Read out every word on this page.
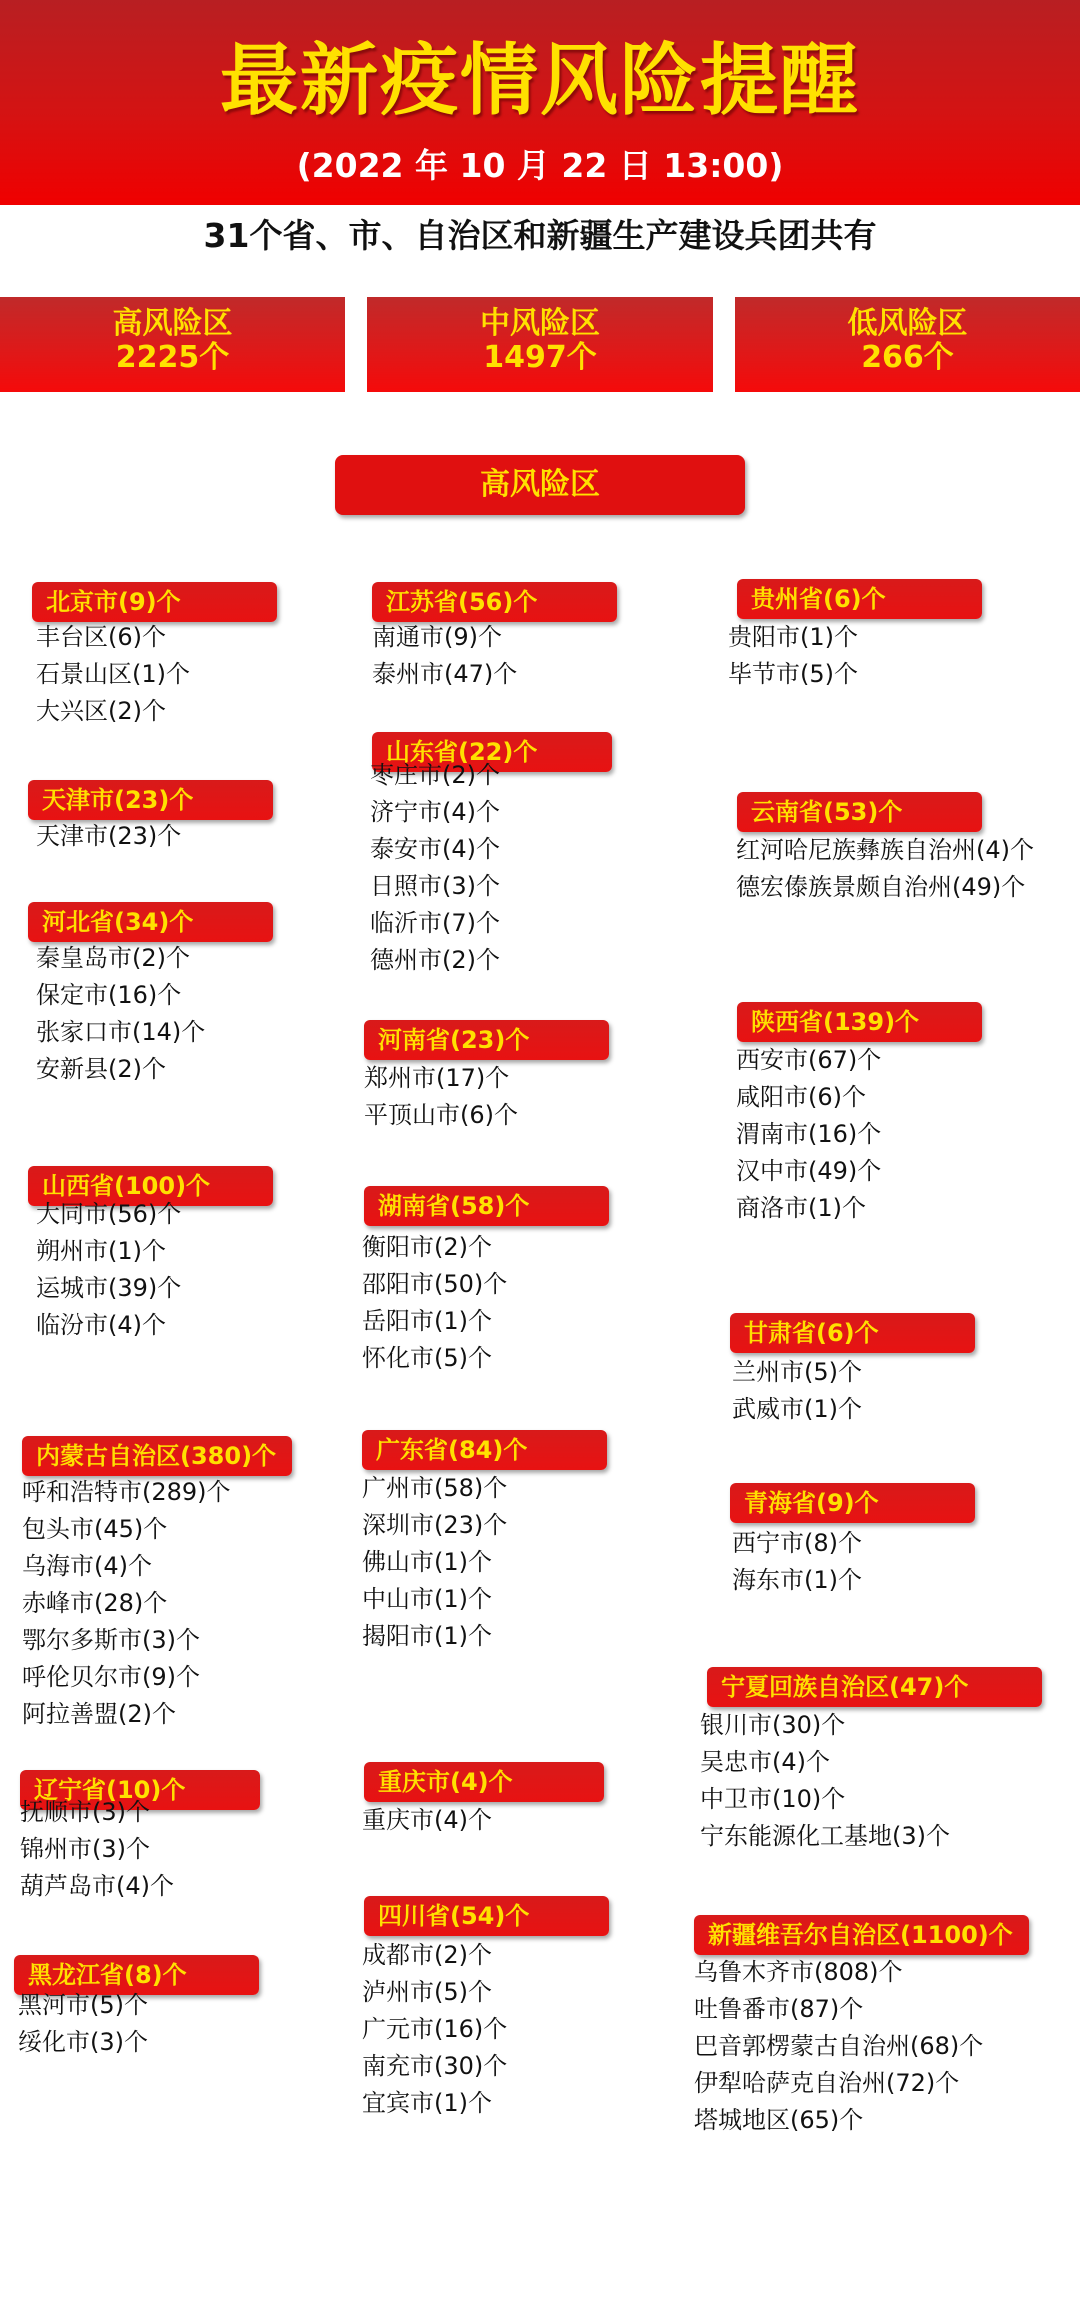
最新疫情风险提醒
(2022 年 10 月 22 日 13:00)
31个省、市、自治区和新疆生产建设兵团共有
高风险区
2225个
中风险区
1497个
低风险区
266个
高风险区
北京市(9)个
丰台区(6)个
石景山区(1)个
大兴区(2)个
天津市(23)个
天津市(23)个
河北省(34)个
秦皇岛市(2)个
保定市(16)个
张家口市(14)个
安新县(2)个
山西省(100)个
大同市(56)个
朔州市(1)个
运城市(39)个
临汾市(4)个
内蒙古自治区(380)个
呼和浩特市(289)个
包头市(45)个
乌海市(4)个
赤峰市(28)个
鄂尔多斯市(3)个
呼伦贝尔市(9)个
阿拉善盟(2)个
辽宁省(10)个
抚顺市(3)个
锦州市(3)个
葫芦岛市(4)个
黑龙江省(8)个
黑河市(5)个
绥化市(3)个
江苏省(56)个
南通市(9)个
泰州市(47)个
山东省(22)个
枣庄市(2)个
济宁市(4)个
泰安市(4)个
日照市(3)个
临沂市(7)个
德州市(2)个
河南省(23)个
郑州市(17)个
平顶山市(6)个
湖南省(58)个
衡阳市(2)个
邵阳市(50)个
岳阳市(1)个
怀化市(5)个
广东省(84)个
广州市(58)个
深圳市(23)个
佛山市(1)个
中山市(1)个
揭阳市(1)个
重庆市(4)个
重庆市(4)个
四川省(54)个
成都市(2)个
泸州市(5)个
广元市(16)个
南充市(30)个
宜宾市(1)个
贵州省(6)个
贵阳市(1)个
毕节市(5)个
云南省(53)个
红河哈尼族彝族自治州(4)个
德宏傣族景颇自治州(49)个
陕西省(139)个
西安市(67)个
咸阳市(6)个
渭南市(16)个
汉中市(49)个
商洛市(1)个
甘肃省(6)个
兰州市(5)个
武威市(1)个
青海省(9)个
西宁市(8)个
海东市(1)个
宁夏回族自治区(47)个
银川市(30)个
吴忠市(4)个
中卫市(10)个
宁东能源化工基地(3)个
新疆维吾尔自治区(1100)个
乌鲁木齐市(808)个
吐鲁番市(87)个
巴音郭楞蒙古自治州(68)个
伊犁哈萨克自治州(72)个
塔城地区(65)个
